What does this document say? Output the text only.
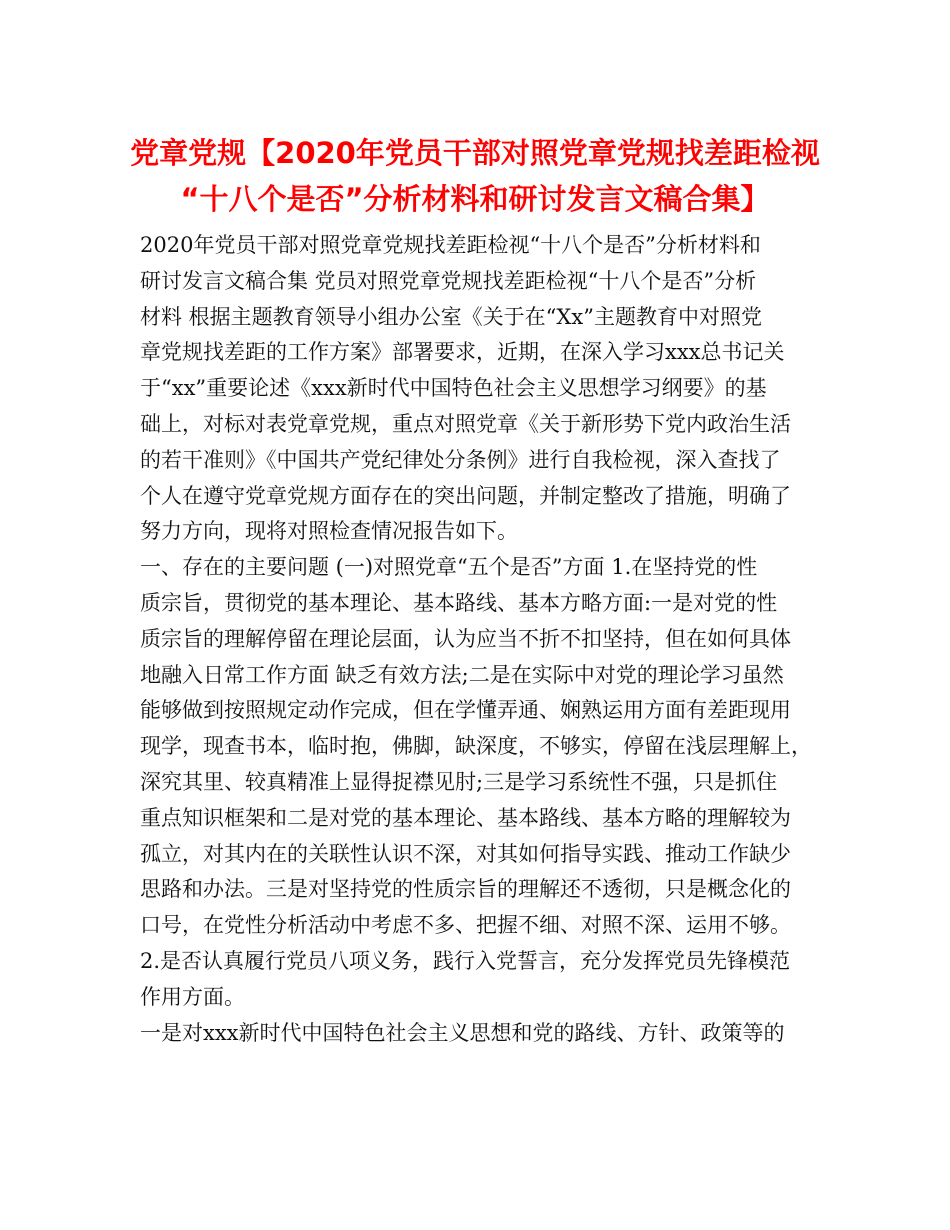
党章党规【2020年党员干部对照党章党规找差距检视
“十八个是否”分析材料和研讨发言文稿合集】
2020年党员干部对照党章党规找差距检视“十八个是否”分析材料和
研讨发言文稿合集 党员对照党章党规找差距检视“十八个是否”分析
材料 根据主题教育领导小组办公室《关于在“Xx”主题教育中对照党
章党规找差距的工作方案》部署要求，近期，在深入学习xxx总书记关
于“xx”重要论述《xxx新时代中国特色社会主义思想学习纲要》的基
础上，对标对表党章党规，重点对照党章《关于新形势下党内政治生活
的若干准则》《中国共产党纪律处分条例》进行自我检视，深入查找了
个人在遵守党章党规方面存在的突出问题，并制定整改了措施，明确了
努力方向，现将对照检查情况报告如下。
一、存在的主要问题 (一)对照党章“五个是否”方面 1.在坚持党的性
质宗旨，贯彻党的基本理论、基本路线、基本方略方面:一是对党的性
质宗旨的理解停留在理论层面，认为应当不折不扣坚持，但在如何具体
地融入日常工作方面 缺乏有效方法;二是在实际中对党的理论学习虽然
能够做到按照规定动作完成，但在学懂弄通、娴熟运用方面有差距现用
现学，现查书本，临时抱，佛脚，缺深度，不够实，停留在浅层理解上，
深究其里、较真精准上显得捉襟见肘;三是学习系统性不强，只是抓住
重点知识框架和二是对党的基本理论、基本路线、基本方略的理解较为
孤立，对其内在的关联性认识不深，对其如何指导实践、推动工作缺少
思路和办法。三是对坚持党的性质宗旨的理解还不透彻，只是概念化的
口号，在党性分析活动中考虑不多、把握不细、对照不深、运用不够。
2.是否认真履行党员八项义务，践行入党誓言，充分发挥党员先锋模范
作用方面。
一是对xxx新时代中国特色社会主义思想和党的路线、方针、政策等的
